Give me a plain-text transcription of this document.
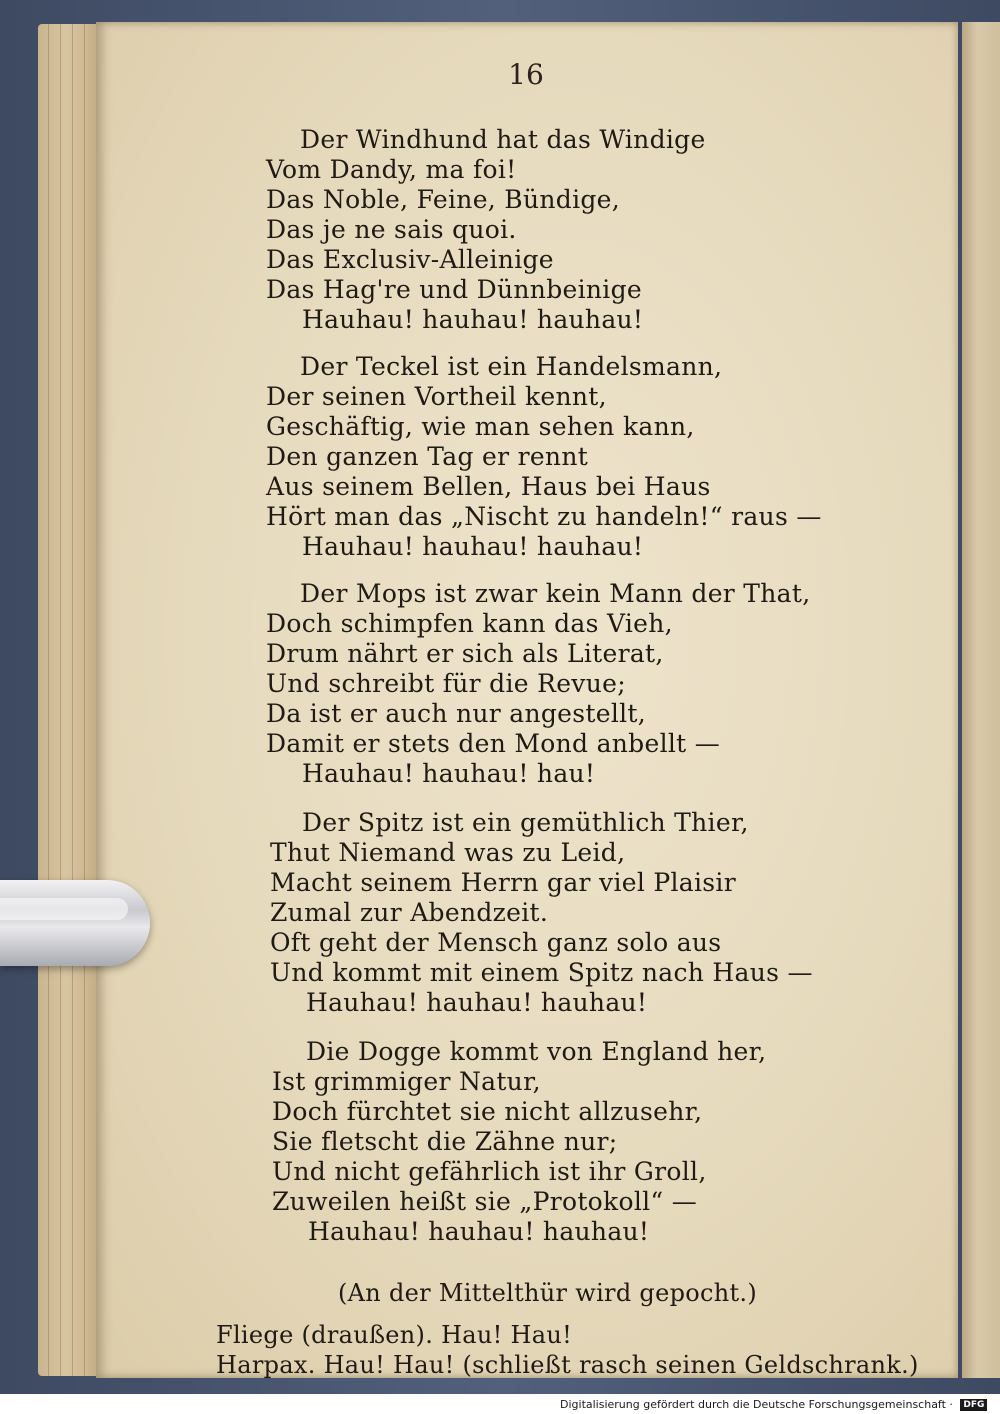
16
Der Windhund hat das Windige
Vom Dandy, ma foi!
Das Noble, Feine, Bündige,
Das je ne sais quoi.
Das Exclusiv-Alleinige
Das Hag're und Dünnbeinige
Hauhau! hauhau! hauhau!
Der Teckel ist ein Handelsmann,
Der seinen Vortheil kennt,
Geschäftig, wie man sehen kann,
Den ganzen Tag er rennt
Aus seinem Bellen, Haus bei Haus
Hört man das „Nischt zu handeln!“ raus —
Hauhau! hauhau! hauhau!
Der Mops ist zwar kein Mann der That,
Doch schimpfen kann das Vieh,
Drum nährt er sich als Literat,
Und schreibt für die Revue;
Da ist er auch nur angestellt,
Damit er stets den Mond anbellt —
Hauhau! hauhau! hau!
Der Spitz ist ein gemüthlich Thier,
Thut Niemand was zu Leid,
Macht seinem Herrn gar viel Plaisir
Zumal zur Abendzeit.
Oft geht der Mensch ganz solo aus
Und kommt mit einem Spitz nach Haus —
Hauhau! hauhau! hauhau!
Die Dogge kommt von England her,
Ist grimmiger Natur,
Doch fürchtet sie nicht allzusehr,
Sie fletscht die Zähne nur;
Und nicht gefährlich ist ihr Groll,
Zuweilen heißt sie „Protokoll“ —
Hauhau! hauhau! hauhau!
(An der Mittelthür wird gepocht.)
Fliege (draußen). Hau! Hau!
Harpax. Hau! Hau! (schließt rasch seinen Geldschrank.)
Digitalisierung gefördert durch die Deutsche Forschungsgemeinschaft · DFG
